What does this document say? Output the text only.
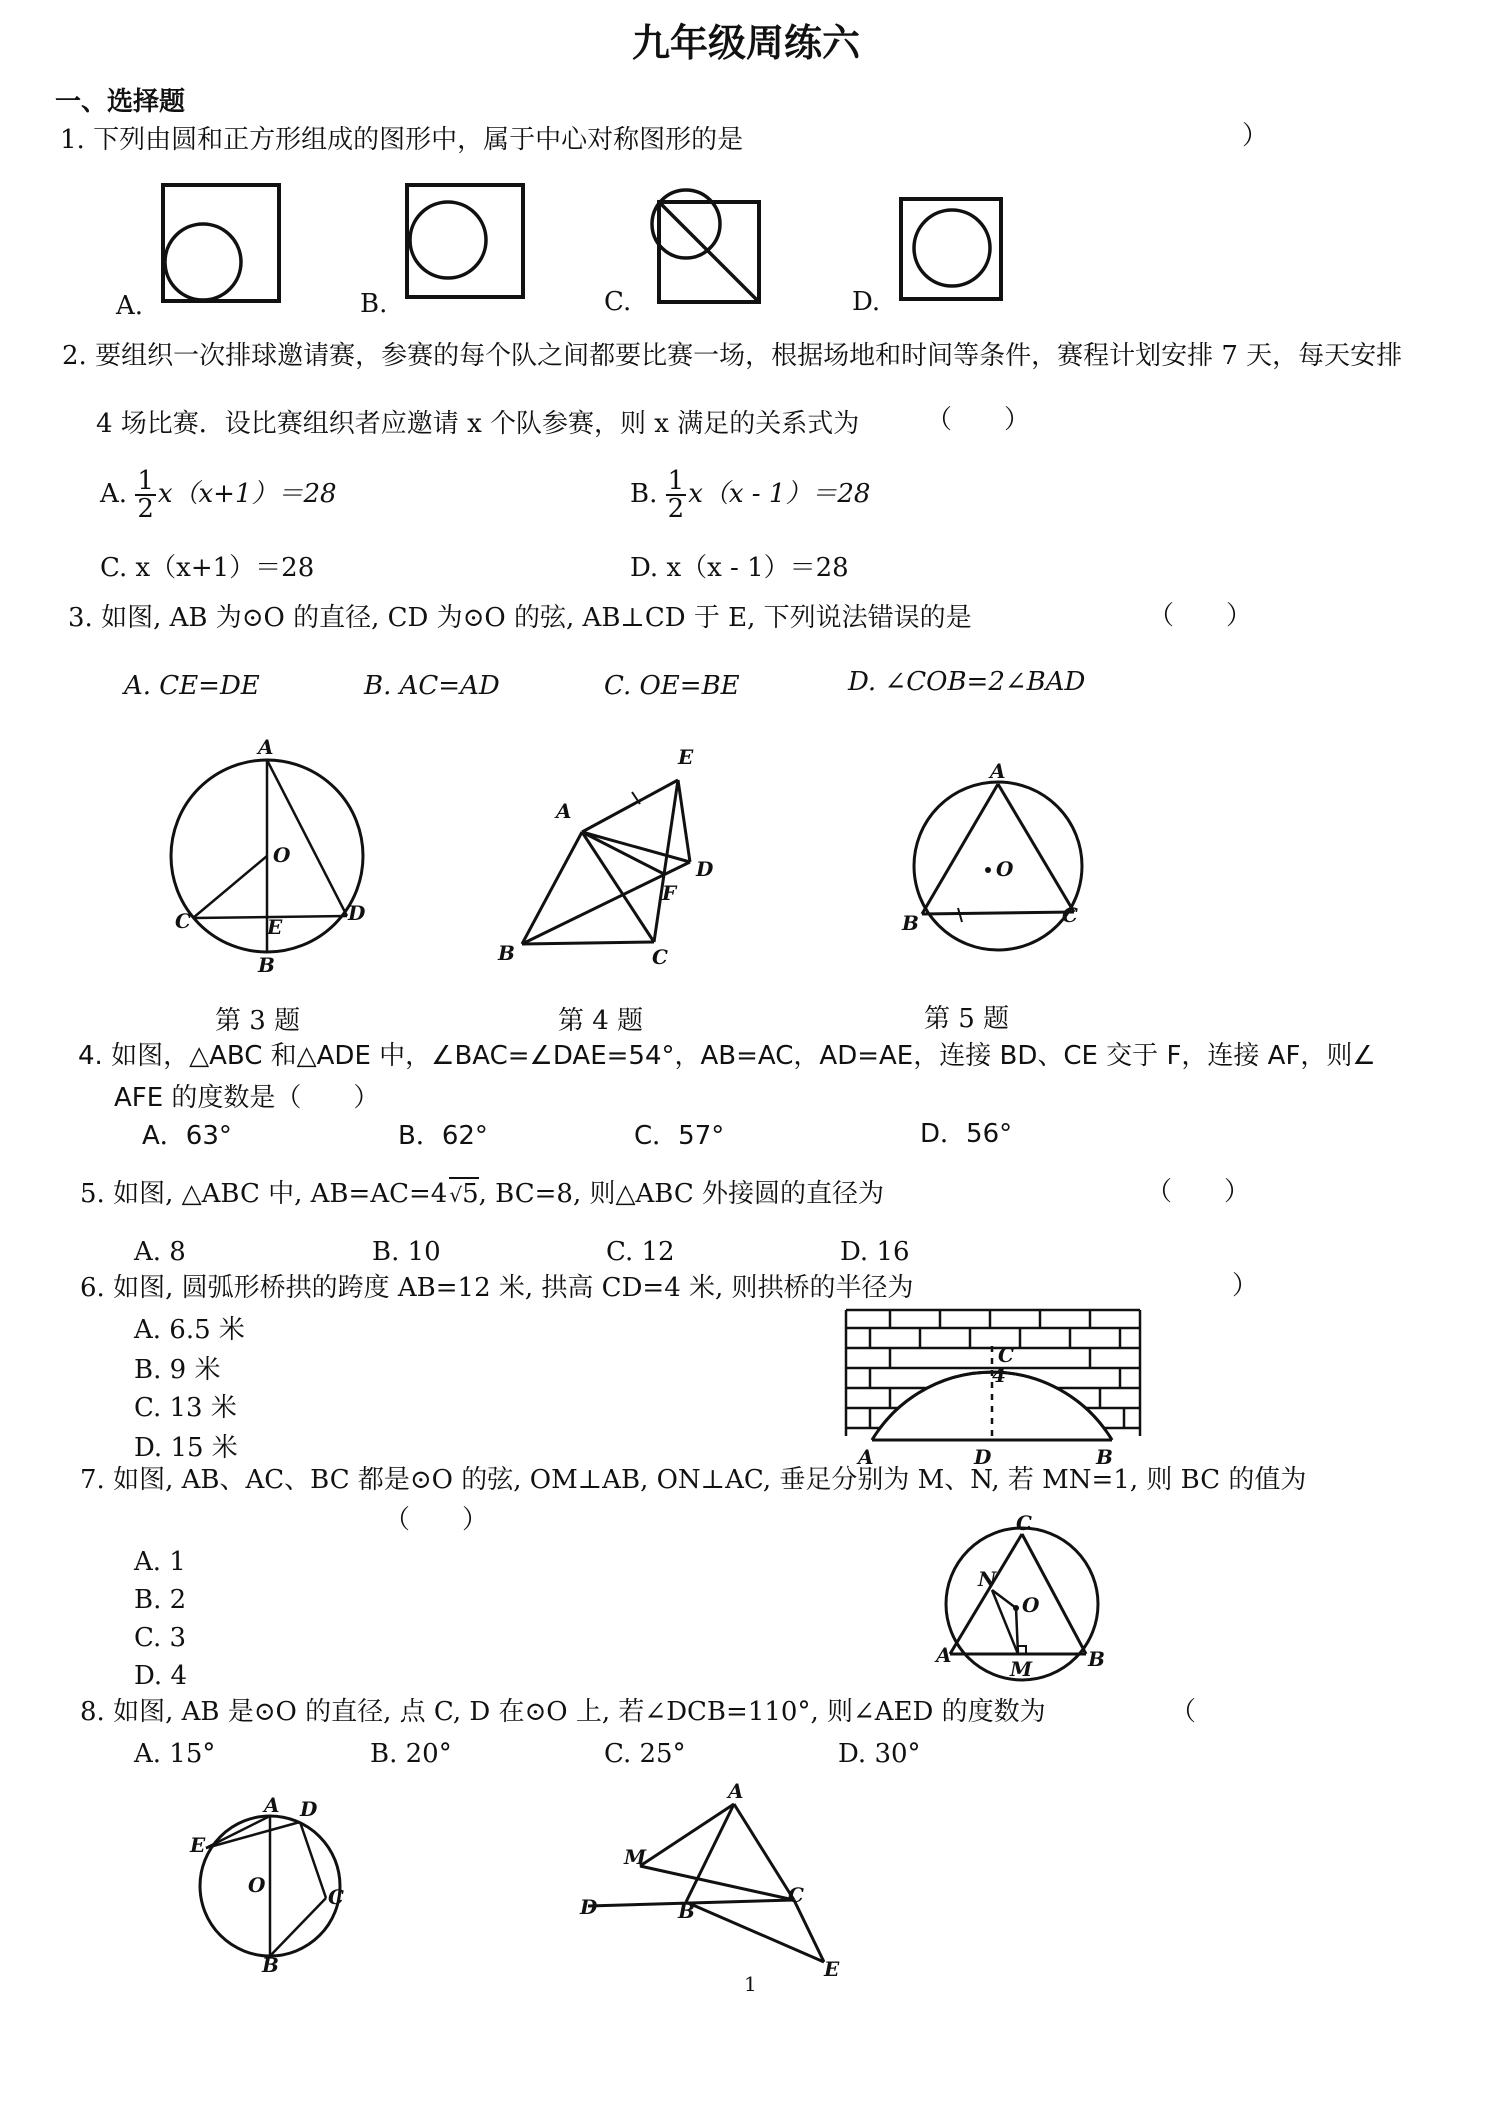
九年级周练六
一、选择题
1. 下列由圆和正方形组成的图形中，属于中心对称图形的是	）
A.	B.	C.	D.
2. 要组织一次排球邀请赛，参赛的每个队之间都要比赛一场，根据场地和时间等条件，赛程计划安排 7 天，每天安排
4 场比赛．设比赛组织者应邀请 x 个队参赛，则 x 满足的关系式为	（　　）
A. $\frac{1}{2} x(x+1)=28$	B. $\frac{1}{2} x(x - 1)=28$
C. x（x+1）＝28	D. x（x - 1）＝28
3. 如图, AB 为⊙O 的直径, CD 为⊙O 的弦, AB⊥CD 于 E, 下列说法错误的是	（　　）
A. CE=DE	B. AC=AD	C. OE=BE	D. ∠COB=2∠BAD
A
O
C	E
D
B
A
E
D
F
B	C
A
O
B	C
第 3 题	第 4 题	第 5 题
4. 如图，△ABC 和△ADE 中，∠BAC=∠DAE=54°，AB=AC，AD=AE，连接 BD、CE 交于 F，连接 AF，则∠
AFE 的度数是（　　）
A．63°	B．62°	C．57°	D．56°
5. 如图, △ABC 中, AB=AC=4 √5, BC=8, 则△ABC 外接圆的直径为	（　　）
A. 8	B. 10	C. 12	D. 16
6. 如图, 圆弧形桥拱的跨度 AB=12 米, 拱高 CD=4 米, 则拱桥的半径为	）
A. 6.5 米
B. 9 米
C. 13 米
D. 15 米
4
C
A	D	B
7. 如图, AB、AC、BC 都是⊙O 的弦, OM⊥AB, ON⊥AC, 垂足分别为 M、N, 若 MN=1, 则 BC 的值为
（　　）
A. 1
B. 2
C. 3
D. 4
C
N
O
A
M	B
8. 如图, AB 是⊙O 的直径, 点 C, D 在⊙O 上, 若∠DCB=110°, 则∠AED 的度数为	（
A. 15°	B. 20°	C. 25°	D. 30°
A D
E
O	C
B
A
M
D	B
C
E
1
